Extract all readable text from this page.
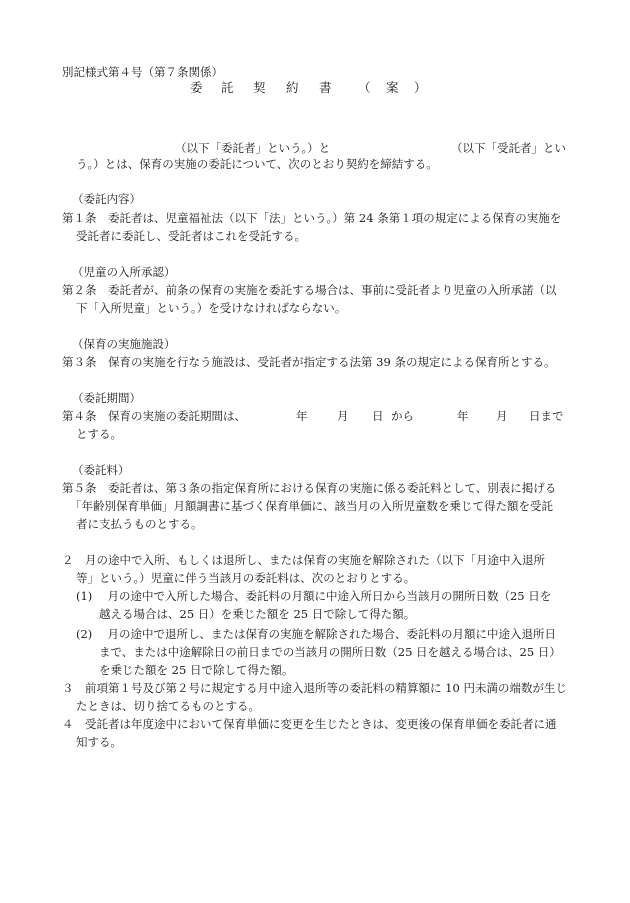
別記様式第４号（第７条関係）
委 託 契 約 書 （ 案 ）
（以下「委託者」という。）と	（以下「受託者」とい
う。）とは、保育の実施の委託について、次のとおり契約を締結する。
（委託内容）
第１条　委託者は、児童福祉法（以下「法」という。）第 24 条第１項の規定による保育の実施を
受託者に委託し、受託者はこれを受託する。
（児童の入所承認）
第２条　委託者が、前条の保育の実施を委託する場合は、事前に受託者より児童の入所承諾（以
下「入所児童」という。）を受けなければならない。
（保育の実施施設）
第３条　保育の実施を行なう施設は、受託者が指定する法第 39 条の規定による保育所とする。
（委託期間）
第４条　保育の実施の委託期間は、	年	月 日 から	年 月 日まで
とする。
（委託料）
第５条　委託者は、第３条の指定保育所における保育の実施に係る委託料として、別表に掲げる
「年齢別保育単価」月額調書に基づく保育単価に、該当月の入所児童数を乗じて得た額を受託
者に支払うものとする。
２　月の途中で入所、もしくは退所し、または保育の実施を解除された（以下「月途中入退所
等」という。）児童に伴う当該月の委託料は、次のとおりとする。
(1)　 月の途中で入所した場合、委託料の月額に中途入所日から当該月の開所日数（25 日を
越える場合は、25 日）を乗じた額を 25 日で除して得た額。
(2)　 月の途中で退所し、または保育の実施を解除された場合、委託料の月額に中途入退所日
まで、または中途解除日の前日までの当該月の開所日数（25 日を越える場合は、25 日）
を乗じた額を 25 日で除して得た額。
３　前項第１号及び第２号に規定する月中途入退所等の委託料の精算額に 10 円未満の端数が生じ
たときは、切り捨てるものとする。
４　受託者は年度途中において保育単価に変更を生じたときは、変更後の保育単価を委託者に通
知する。
